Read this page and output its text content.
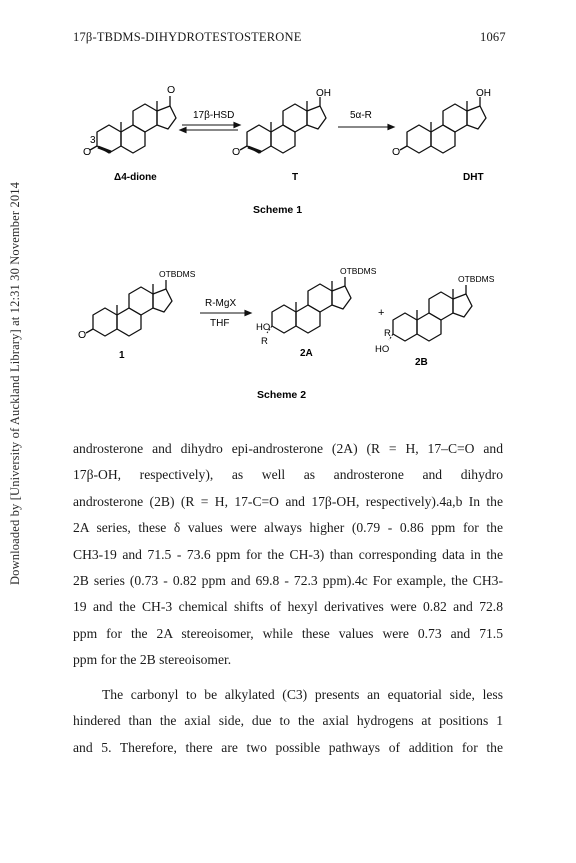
17β-TBDMS-DIHYDROTESTOSTERONE	1067
Downloaded by [University of Auckland Library] at 12:31 30 November 2014
O
O
3
OH
O
OH
O
17β-HSD	5α-R
Δ4-dione	T	DHT
Scheme 1
OTBDMS
O
1
R-MgX
THF
OTBDMS
HO
R
2A
+
OTBDMS
R
HO
2B
Scheme 2
androsterone and dihydro epi-androsterone (2A) (R = H, 17–C=O and
17β-OH, respectively), as well as androsterone and dihydro
androsterone (2B) (R = H, 17-C=O and 17β-OH, respectively).4a,b In the
2A series, these δ values were always higher (0.79 - 0.86 ppm for the
CH3-19 and 71.5 - 73.6 ppm for the CH-3) than corresponding data in the
2B series (0.73 - 0.82 ppm and 69.8 - 72.3 ppm).4c For example, the CH3-
19 and the CH-3 chemical shifts of hexyl derivatives were 0.82 and 72.8
ppm for the 2A stereoisomer, while these values were 0.73 and 71.5
ppm for the 2B stereoisomer.
The carbonyl to be alkylated (C3) presents an equatorial side, less
hindered than the axial side, due to the axial hydrogens at positions 1
and 5. Therefore, there are two possible pathways of addition for the
